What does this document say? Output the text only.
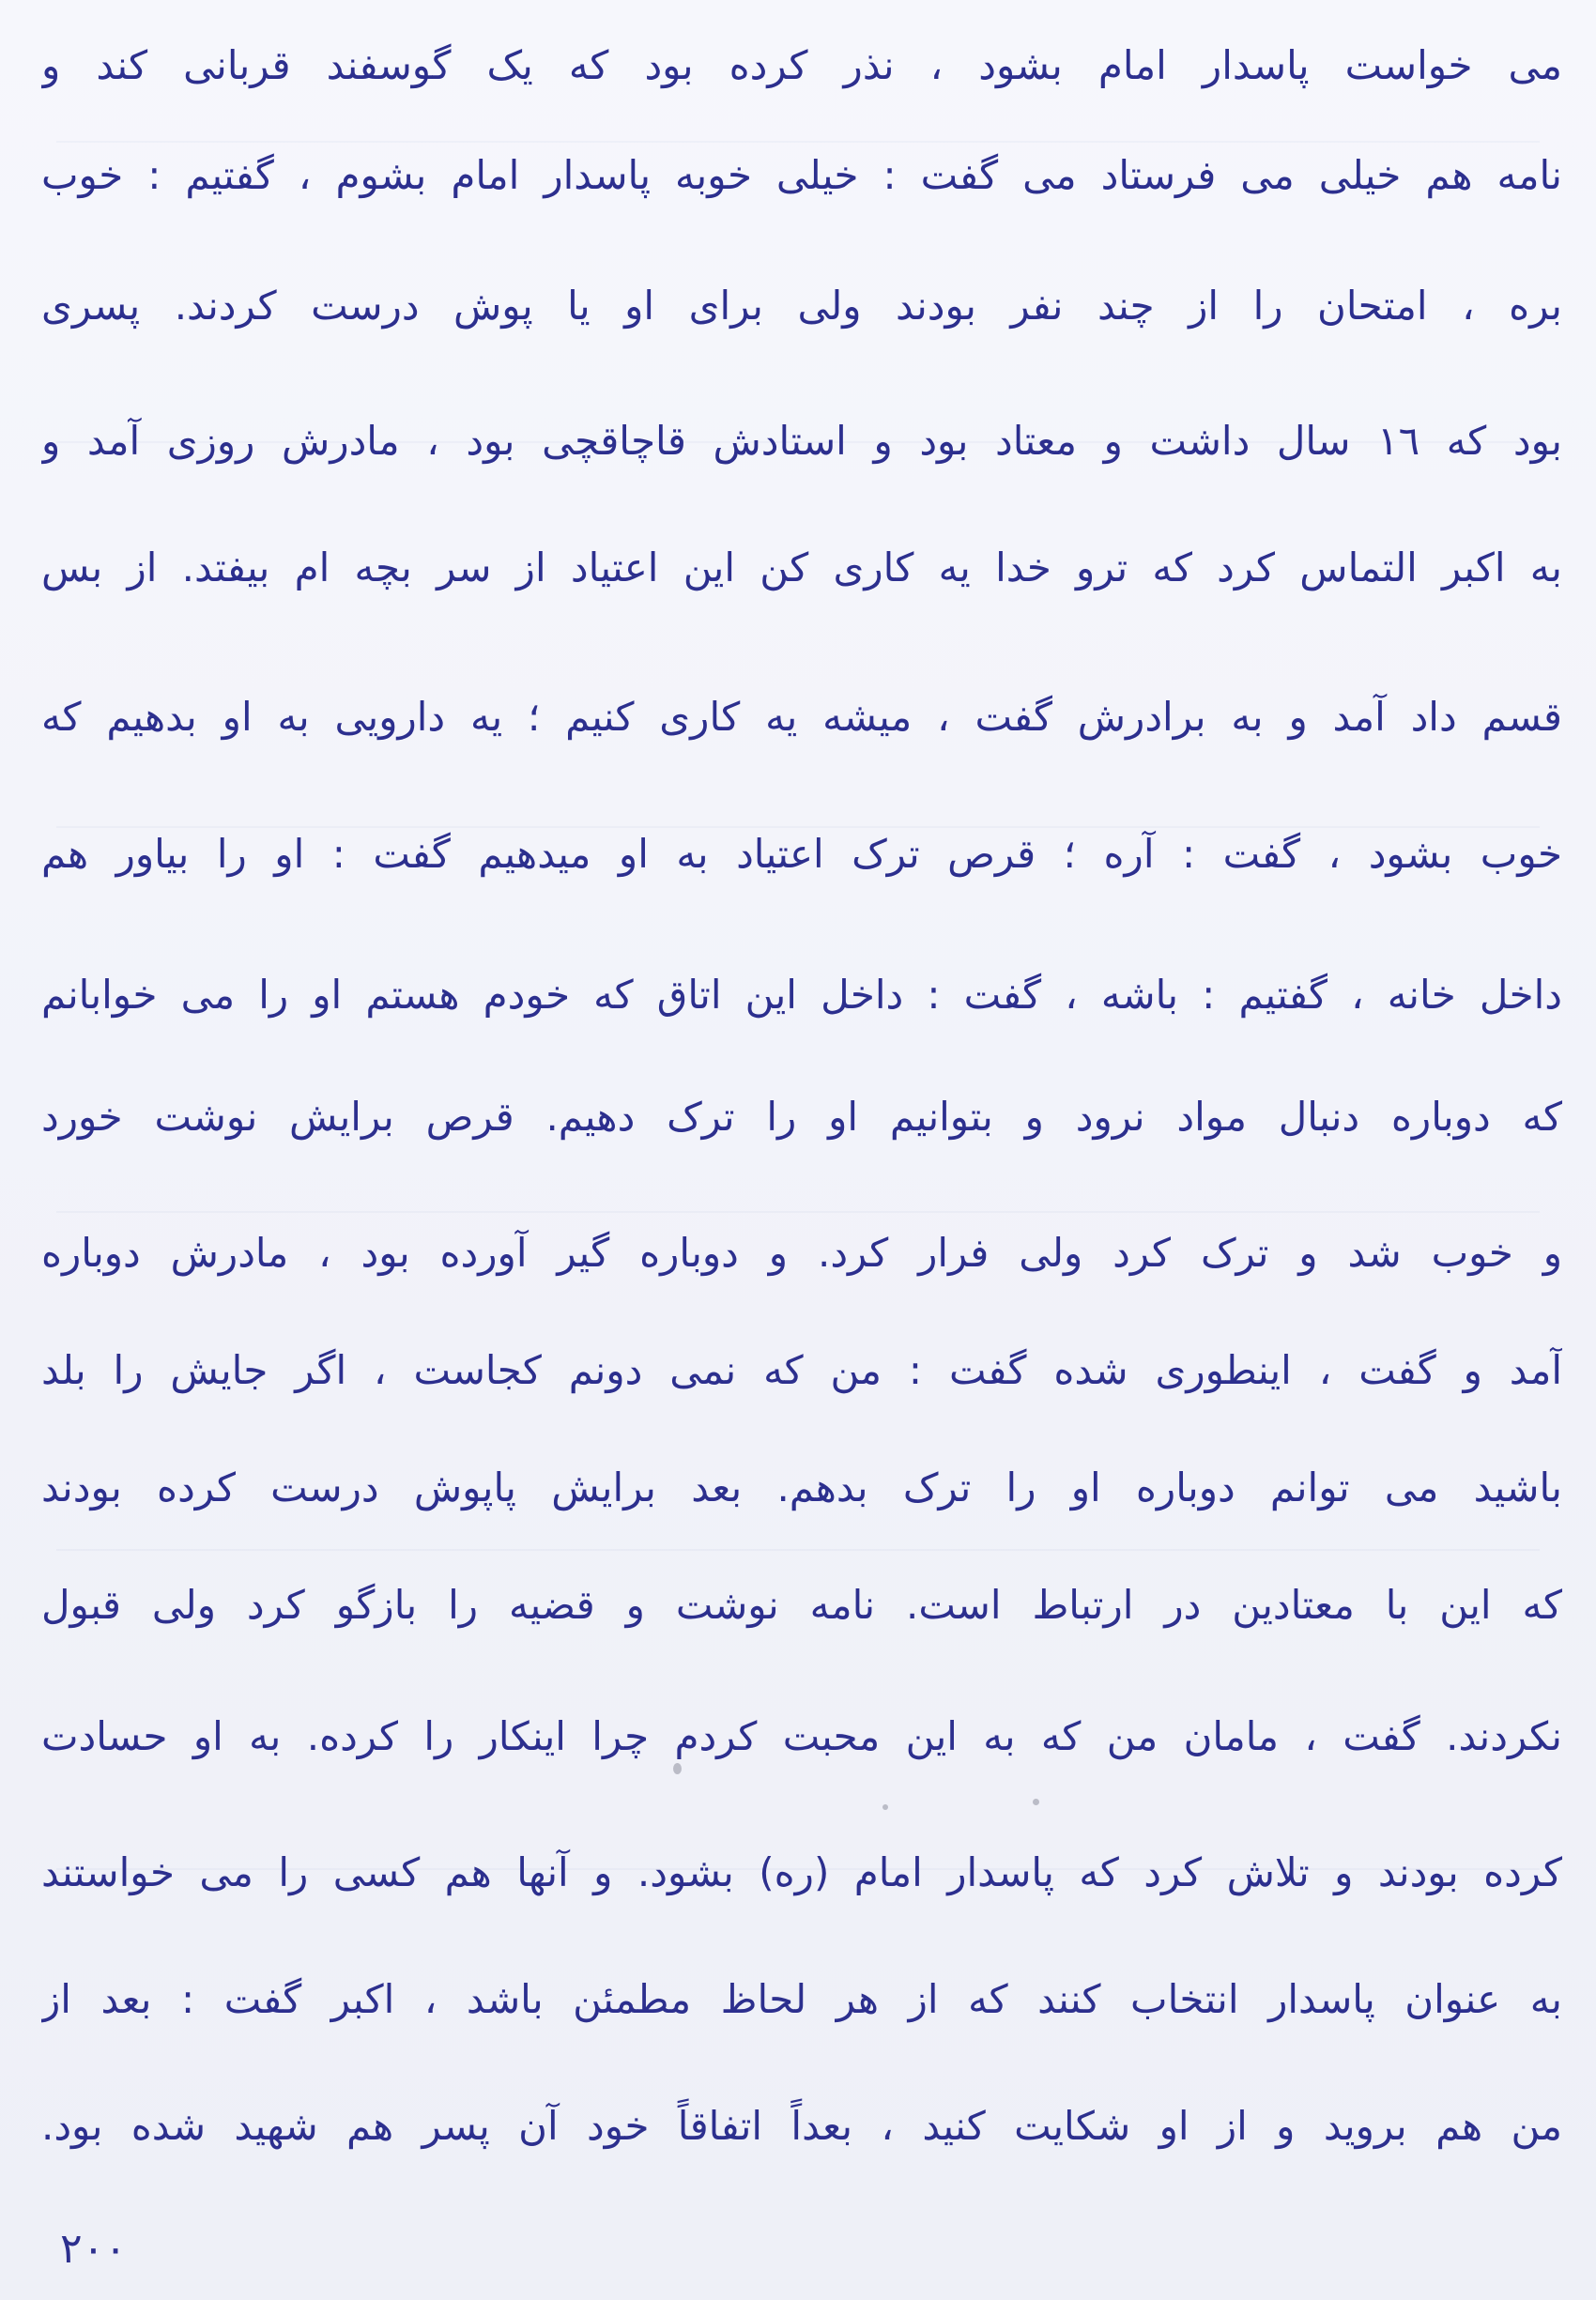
می خواست پاسدار امام بشود ، نذر کرده بود که یک گوسفند قربانی کند و
نامه هم خیلی می فرستاد می گفت : خیلی خوبه پاسدار امام بشوم ، گفتیم : خوب
بره ، امتحان را از چند نفر بودند ولی برای او یا پوش درست کردند. پسری
بود که ١٦ سال داشت و معتاد بود و استادش قاچاقچی بود ، مادرش روزی آمد و
به اکبر التماس کرد که ترو خدا یه کاری کن این اعتیاد از سر بچه ام بیفتد. از بس
قسم داد آمد و به برادرش گفت ، میشه یه کاری کنیم ؛ یه دارویی به او بدهیم که
خوب بشود ، گفت : آره ؛ قرص ترک اعتیاد به او میدهیم گفت : او را بیاور هم
داخل خانه ، گفتیم : باشه ، گفت : داخل این اتاق که خودم هستم او را می خوابانم
که دوباره دنبال مواد نرود و بتوانیم او را ترک دهیم. قرص برایش نوشت خورد
و خوب شد و ترک کرد ولی فرار کرد. و دوباره گیر آورده بود ، مادرش دوباره
آمد و گفت ، اینطوری شده گفت : من که نمی دونم کجاست ، اگر جایش را بلد
باشید می توانم دوباره او را ترک بدهم. بعد برایش پاپوش درست کرده بودند
که این با معتادین در ارتباط است. نامه نوشت و قضیه را بازگو کرد ولی قبول
نکردند. گفت ، مامان من که به این محبت کردم چرا اینکار را کرده. به او حسادت
کرده بودند و تلاش کرد که پاسدار امام (ره) بشود. و آنها هم کسی را می خواستند
به عنوان پاسدار انتخاب کنند که از هر لحاظ مطمئن باشد ، اکبر گفت : بعد از
من هم بروید و از او شکایت کنید ، بعداً اتفاقاً خود آن پسر هم شهید شده بود.
۲۰۰
